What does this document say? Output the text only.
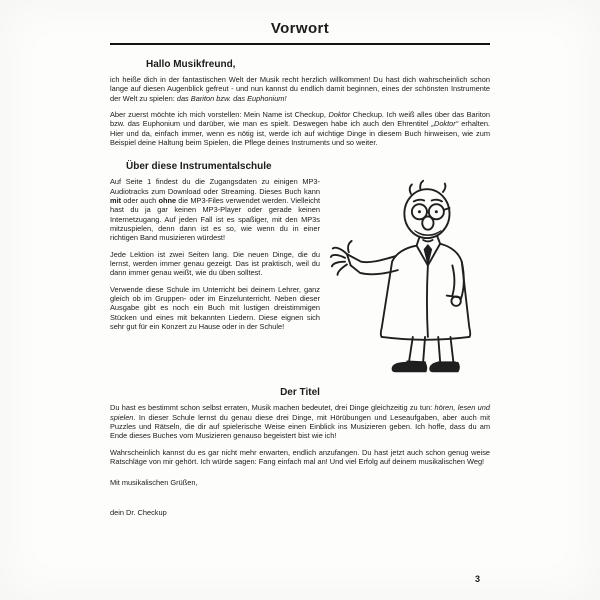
Vorwort
Hallo Musikfreund,

ich heiße dich in der fantastischen Welt der Musik recht herzlich willkommen! Du hast dich wahrscheinlich schon lange auf diesen Augenblick gefreut - und nun kannst du endlich damit beginnen, eines der schönsten Instrumente der Welt zu spielen: das Bariton bzw. das Euphonium!

Aber zuerst möchte ich mich vorstellen: Mein Name ist Checkup, Doktor Checkup. Ich weiß alles über das Bariton bzw. das Euphonium und darüber, wie man es spielt. Deswegen habe ich auch den Ehrentitel „Doktor“ erhalten. Hier und da, einfach immer, wenn es nötig ist, werde ich auf wichtige Dinge in diesem Buch hinweisen, wie zum Beispiel deine Haltung beim Spielen, die Pflege deines Instruments und so weiter.

Über diese Instrumentalschule

Auf Seite 1 findest du die Zugangsdaten zu einigen MP3-Audiotracks zum Download oder Streaming. Dieses Buch kann mit oder auch ohne die MP3-Files verwendet werden. Vielleicht hast du ja gar keinen MP3-Player oder gerade keinen Internetzugang. Auf jeden Fall ist es spaßiger, mit den MP3s mitzuspielen, denn dann ist es so, wie wenn du in einer richtigen Band musizieren würdest!

Jede Lektion ist zwei Seiten lang. Die neuen Dinge, die du lernst, werden immer genau gezeigt. Das ist praktisch, weil du dann immer genau weißt, wie du üben solltest.

Verwende diese Schule im Unterricht bei deinem Lehrer, ganz gleich ob im Gruppen- oder im Einzelunterricht. Neben dieser Ausgabe gibt es noch ein Buch mit lustigen dreistimmigen Stücken und eines mit bekannten Liedern. Diese eignen sich sehr gut für ein Konzert zu Hause oder in der Schule!

Der Titel

Du hast es bestimmt schon selbst erraten, Musik machen bedeutet, drei Dinge gleichzeitig zu tun: hören, lesen und spielen. In dieser Schule lernst du genau diese drei Dinge, mit Hörübungen und Leseaufgaben, aber auch mit Puzzles und Rätseln, die dir auf spielerische Weise einen Einblick ins Musizieren geben. Ich hoffe, dass du am Ende dieses Buches vom Musizieren genauso begeistert bist wie ich!

Wahrscheinlich kannst du es gar nicht mehr erwarten, endlich anzufangen. Du hast jetzt auch schon genug weise Ratschläge von mir gehört. Ich würde sagen: Fang einfach mal an! Und viel Erfolg auf deinem musikalischen Weg!

Mit musikalischen Grüßen,

dein Dr. Checkup

3
